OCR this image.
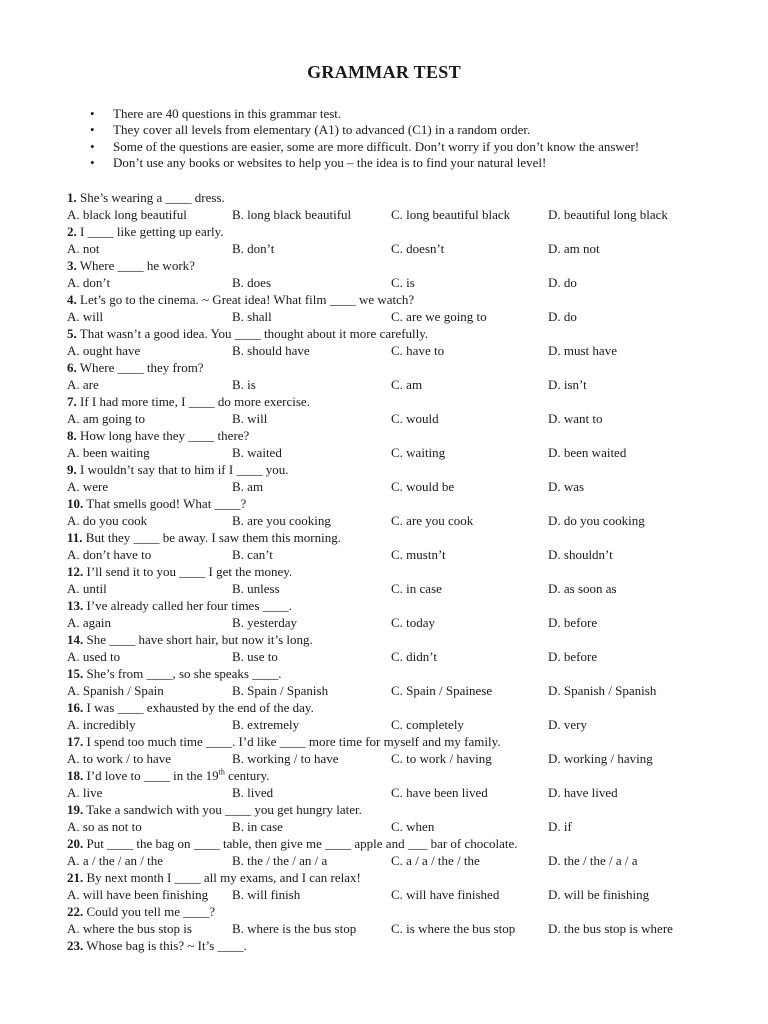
GRAMMAR TEST
• There are 40 questions in this grammar test.
• They cover all levels from elementary (A1) to advanced (C1) in a random order.
• Some of the questions are easier, some are more difficult. Don’t worry if you don’t know the answer!
• Don’t use any books or websites to help you – the idea is to find your natural level!
1. She’s wearing a ____ dress.
A. black long beautiful	B. long black beautiful	C. long beautiful black	D. beautiful long black
2. I ____ like getting up early.
A. not	B. don’t	C. doesn’t	D. am not
3. Where ____ he work?
A. don’t	B. does	C. is	D. do
4. Let’s go to the cinema. ~ Great idea! What film ____ we watch?
A. will	B. shall	C. are we going to	D. do
5. That wasn’t a good idea. You ____ thought about it more carefully.
A. ought have	B. should have	C. have to	D. must have
6. Where ____ they from?
A. are	B. is	C. am	D. isn’t
7. If I had more time, I ____ do more exercise.
A. am going to	B. will	C. would	D. want to
8. How long have they ____ there?
A. been waiting	B. waited	C. waiting	D. been waited
9. I wouldn’t say that to him if I ____ you.
A. were	B. am	C. would be	D. was
10. That smells good! What ____?
A. do you cook	B. are you cooking	C. are you cook	D. do you cooking
11. But they ____ be away. I saw them this morning.
A. don’t have to	B. can’t	C. mustn’t	D. shouldn’t
12. I’ll send it to you ____ I get the money.
A. until	B. unless	C. in case	D. as soon as
13. I’ve already called her four times ____.
A. again	B. yesterday	C. today	D. before
14. She ____ have short hair, but now it’s long.
A. used to	B. use to	C. didn’t	D. before
15. She’s from ____, so she speaks ____.
A. Spanish / Spain	B. Spain / Spanish	C. Spain / Spainese	D. Spanish / Spanish
16. I was ____ exhausted by the end of the day.
A. incredibly	B. extremely	C. completely	D. very
17. I spend too much time ____. I’d like ____ more time for myself and my family.
A. to work / to have	B. working / to have	C. to work / having	D. working / having
18. I’d love to ____ in the 19th century.
A. live	B. lived	C. have been lived	D. have lived
19. Take a sandwich with you ____ you get hungry later.
A. so as not to	B. in case	C. when	D. if
20. Put ____ the bag on ____ table, then give me ____ apple and ___ bar of chocolate.
A. a / the / an / the	B. the / the / an / a	C. a / a / the / the	D. the / the / a / a
21. By next month I ____ all my exams, and I can relax!
A. will have been finishing B. will finish	C. will have finished	D. will be finishing
22. Could you tell me ____?
A. where the bus stop is	B. where is the bus stop	C. is where the bus stop	D. the bus stop is where
23. Whose bag is this? ~ It’s ____.
